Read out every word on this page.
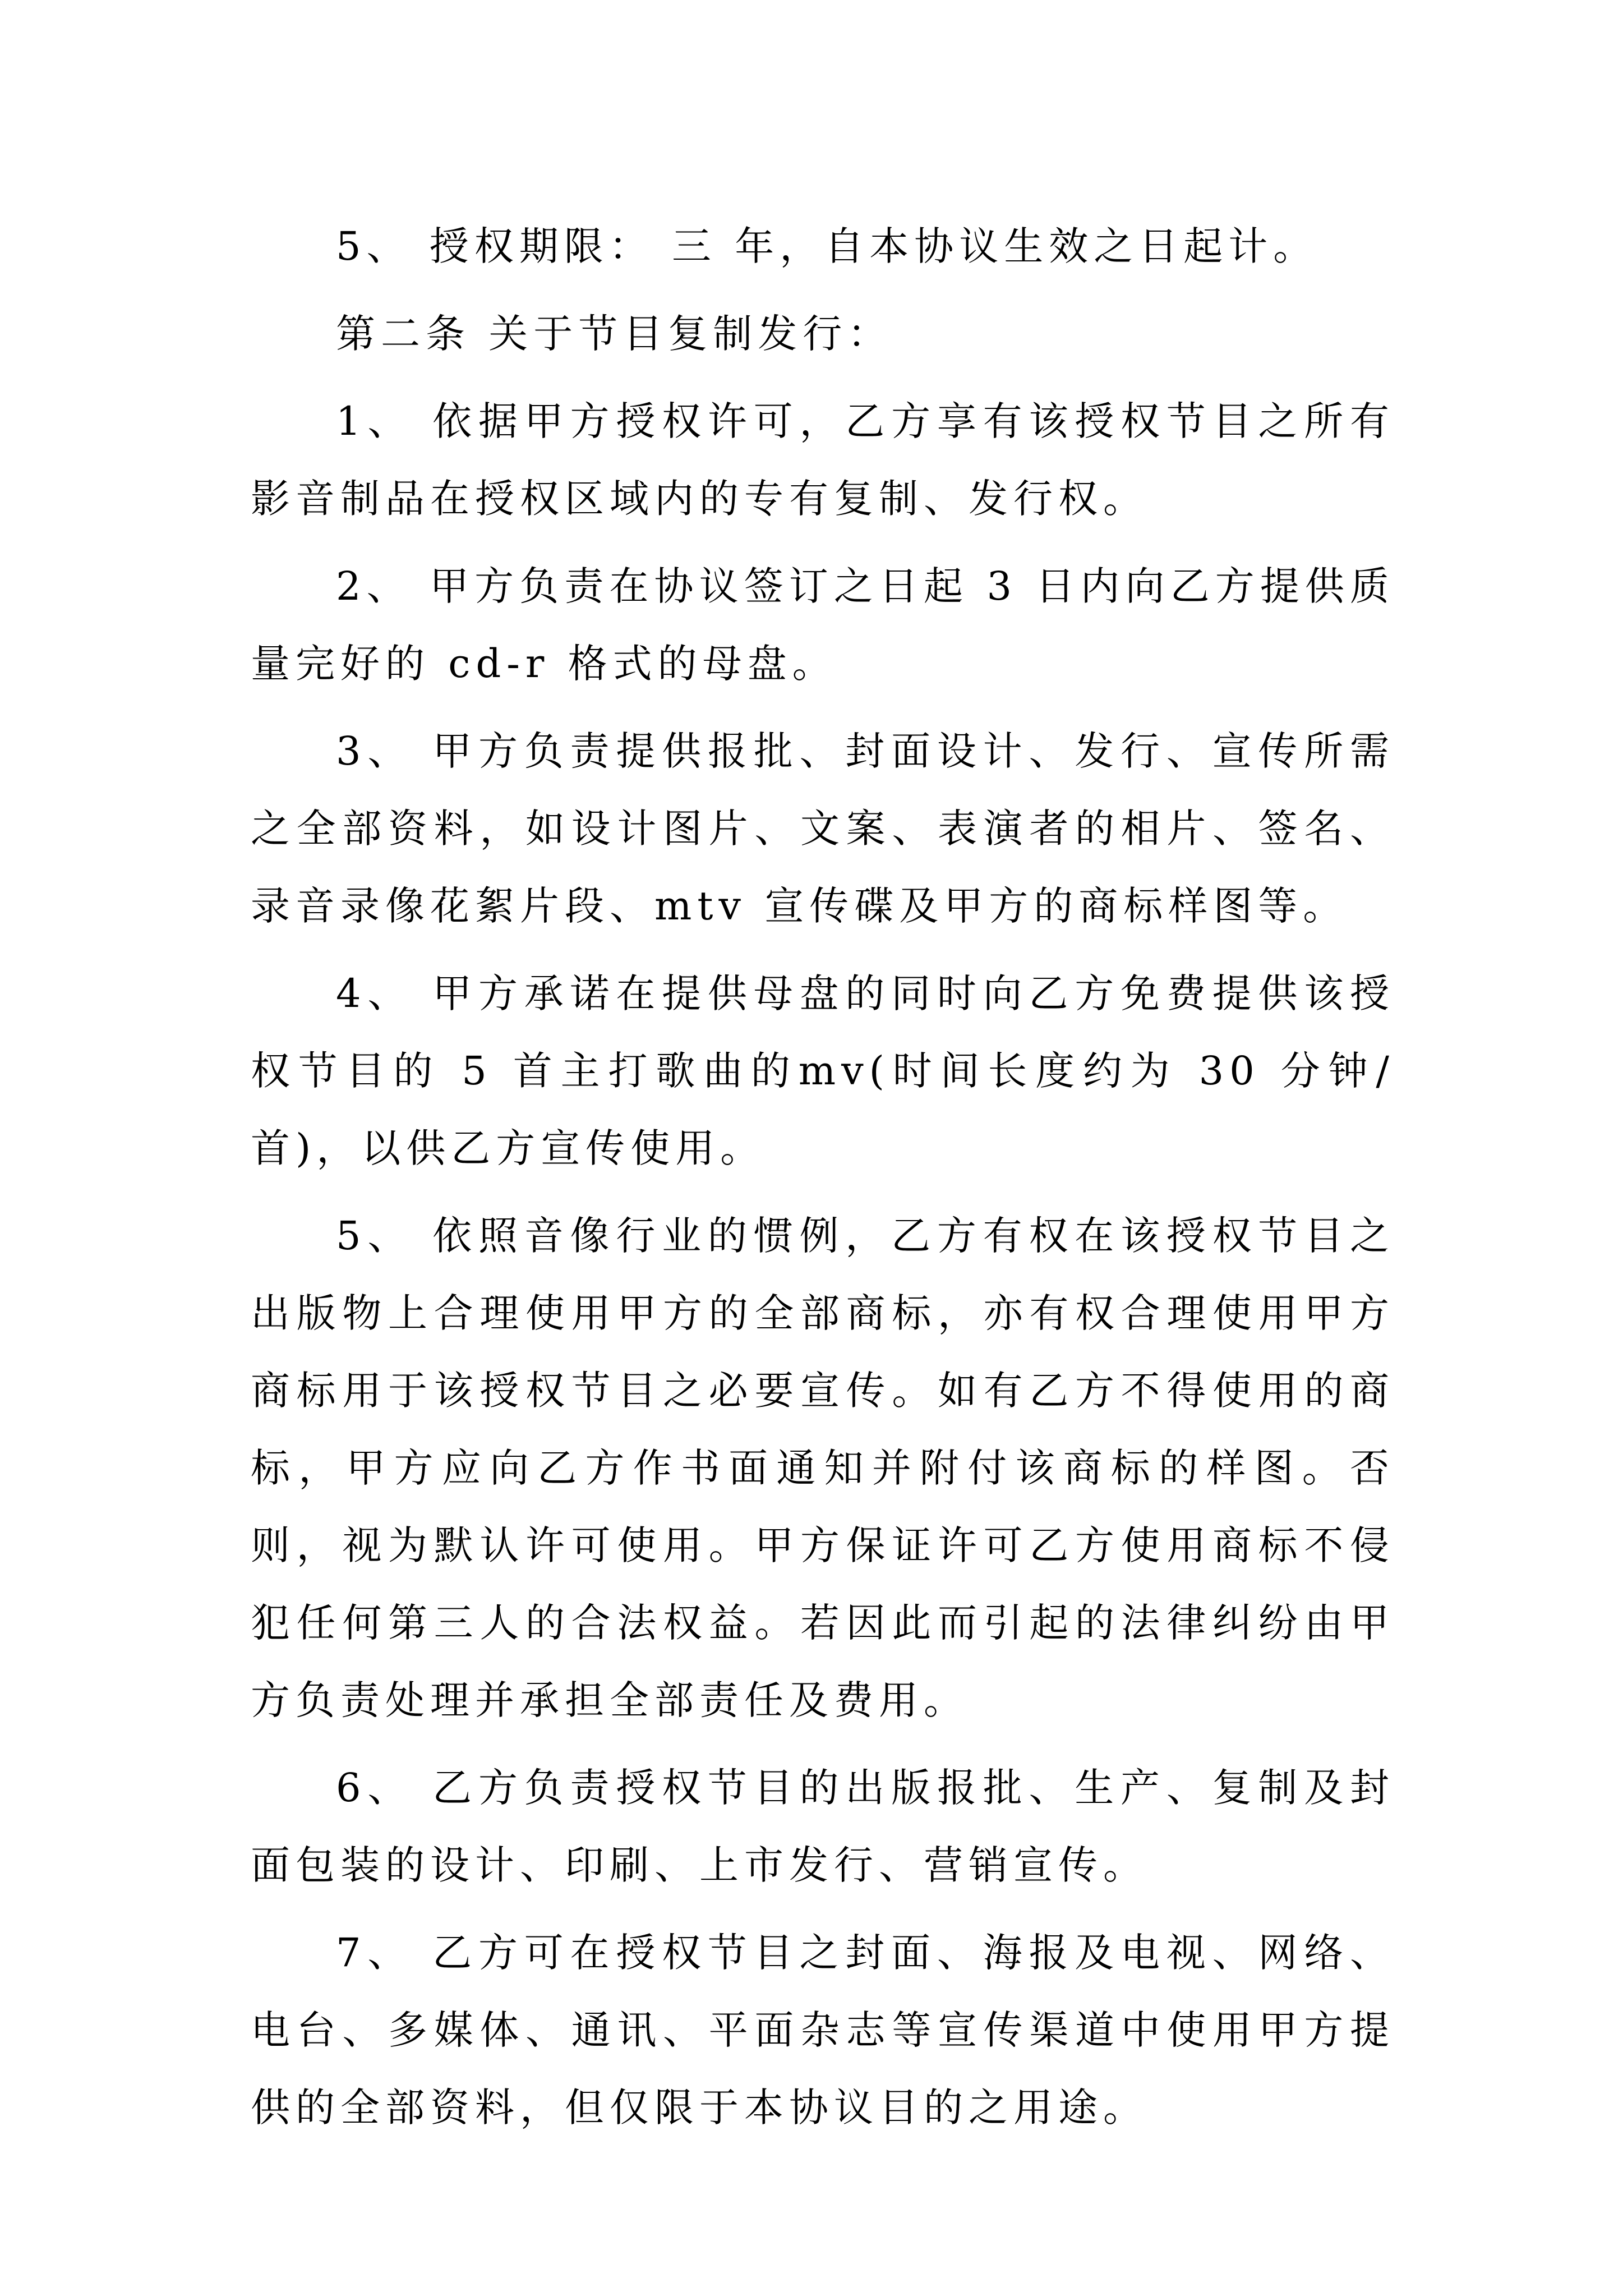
5、 授权期限： 三 年，自本协议生效之日起计。

第二条 关于节目复制发行：

1、 依据甲方授权许可，乙方享有该授权节目之所有影音制品在授权区域内的专有复制、发行权。

2、 甲方负责在协议签订之日起 3 日内向乙方提供质量完好的 cd-r 格式的母盘。

3、 甲方负责提供报批、封面设计、发行、宣传所需之全部资料，如设计图片、文案、表演者的相片、签名、录音录像花絮片段、mtv 宣传碟及甲方的商标样图等。

4、 甲方承诺在提供母盘的同时向乙方免费提供该授权节目的 5 首主打歌曲的mv(时间长度约为 30 分钟/首)，以供乙方宣传使用。

5、 依照音像行业的惯例，乙方有权在该授权节目之出版物上合理使用甲方的全部商标，亦有权合理使用甲方商标用于该授权节目之必要宣传。如有乙方不得使用的商标，甲方应向乙方作书面通知并附付该商标的样图。否则，视为默认许可使用。甲方保证许可乙方使用商标不侵犯任何第三人的合法权益。若因此而引起的法律纠纷由甲方负责处理并承担全部责任及费用。

6、 乙方负责授权节目的出版报批、生产、复制及封面包装的设计、印刷、上市发行、营销宣传。

7、 乙方可在授权节目之封面、海报及电视、网络、电台、多媒体、通讯、平面杂志等宣传渠道中使用甲方提供的全部资料，但仅限于本协议目的之用途。
